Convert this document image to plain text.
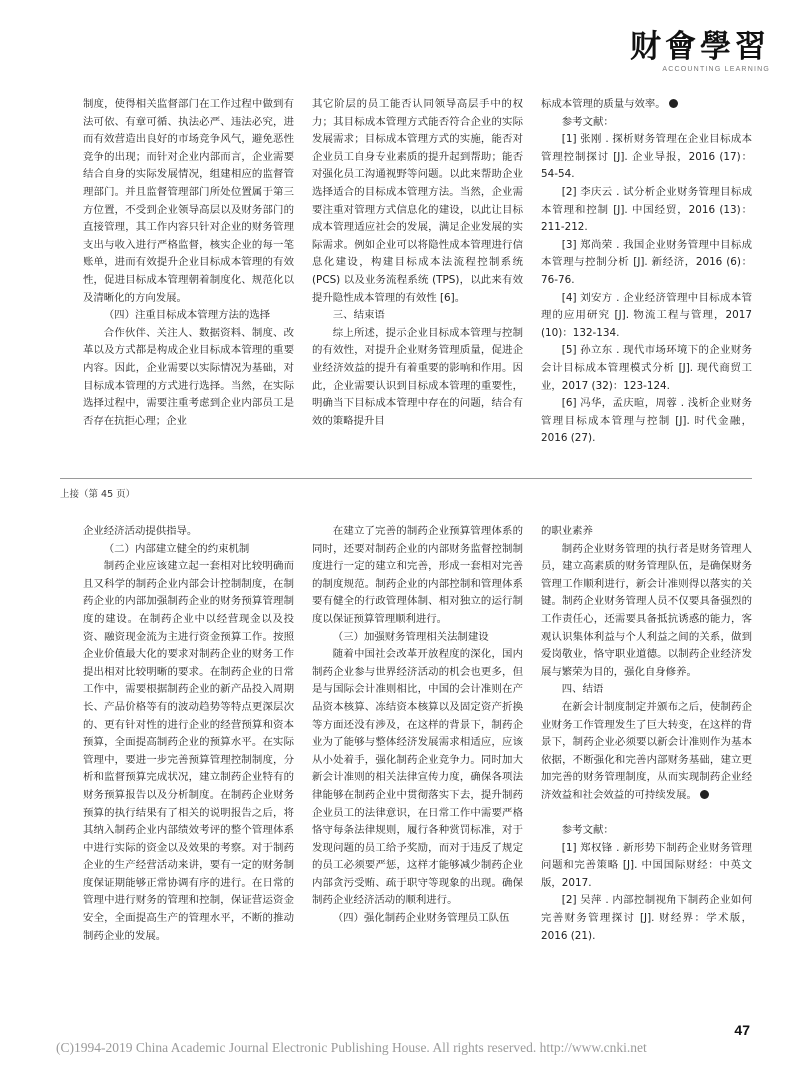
财會學習
ACCOUNTING LEARNING

制度，使得相关监督部门在工作过程中做到有法可依、有章可循、执法必严、违法必究，进而有效营造出良好的市场竞争风气，避免恶性竞争的出现；而针对企业内部而言，企业需要结合自身的实际发展情况，组建相应的监督管理部门。并且监督管理部门所处位置属于第三方位置，不受到企业领导高层以及财务部门的直接管理，其工作内容只针对企业的财务管理支出与收入进行严格监督，核实企业的每一笔账单，进而有效提升企业目标成本管理的有效性，促进目标成本管理朝着制度化、规范化以及清晰化的方向发展。

（四）注重目标成本管理方法的选择

合作伙伴、关注人、数据资料、制度、改革以及方式都是构成企业目标成本管理的重要内容。因此，企业需要以实际情况为基础，对目标成本管理的方式进行选择。当然，在实际选择过程中，需要注重考虑到企业内部员工是否存在抗拒心理；企业

其它阶层的员工能否认同领导高层手中的权力；其目标成本管理方式能否符合企业的实际发展需求；目标成本管理方式的实施，能否对企业员工自身专业素质的提升起到帮助；能否对强化员工沟通视野等问题。以此来帮助企业选择适合的目标成本管理方法。当然，企业需要注重对管理方式信息化的建设，以此让目标成本管理适应社会的发展，满足企业发展的实际需求。例如企业可以将隐性成本管理进行信息化建设，构建目标成本法流程控制系统 (PCS) 以及业务流程系统 (TPS)，以此来有效提升隐性成本管理的有效性 [6]。

三、结束语

综上所述，提示企业目标成本管理与控制的有效性，对提升企业财务管理质量，促进企业经济效益的提升有着重要的影响和作用。因此，企业需要认识到目标成本管理的重要性，明确当下目标成本管理中存在的问题，结合有效的策略提升目

标成本管理的质量与效率。

参考文献：

[1] 张刚 . 探析财务管理在企业目标成本管理控制探讨 [J]. 企业导报，2016 (17)：54-54.

[2] 李庆云 . 试分析企业财务管理目标成本管理和控制 [J]. 中国经贸，2016 (13)：211-212.

[3] 郑尚荣 . 我国企业财务管理中目标成本管理与控制分析 [J]. 新经济，2016 (6)：76-76.

[4] 刘安方 . 企业经济管理中目标成本管理的应用研究 [J]. 物流工程与管理，2017 (10)：132-134.

[5] 孙立东 . 现代市场环境下的企业财务会计目标成本管理模式分析 [J]. 现代商贸工业，2017 (32)：123-124.

[6] 冯华，孟庆暄，周蓉 . 浅析企业财务管理目标成本管理与控制 [J]. 时代金融，2016 (27).

上接（第 45 页）

企业经济活动提供指导。

（二）内部建立健全的约束机制

制药企业应该建立起一套相对比较明确而且又科学的制药企业内部会计控制制度，在制药企业的内部加强制药企业的财务预算管理制度的建设。在制药企业中以经营现金以及投资、融资现金流为主进行资金预算工作。按照企业价值最大化的要求对制药企业的财务工作提出相对比较明晰的要求。在制药企业的日常工作中，需要根据制药企业的新产品投入周期长、产品价格等有的波动趋势等特点更深层次的、更有针对性的进行企业的经营预算和资本预算，全面提高制药企业的预算水平。在实际管理中，要进一步完善预算管理控制制度，分析和监督预算完成状况，建立制药企业特有的财务预算报告以及分析制度。在制药企业财务预算的执行结果有了相关的说明报告之后，将其纳入制药企业内部绩效考评的整个管理体系中进行实际的资金以及效果的考察。对于制药企业的生产经营活动来讲，要有一定的财务制度保证期能够正常协调有序的进行。在日常的管理中进行财务的管理和控制，保证营运资金安全，全面提高生产的管理水平，不断的推动制药企业的发展。

在建立了完善的制药企业预算管理体系的同时，还要对制药企业的内部财务监督控制制度进行一定的建立和完善，形成一套相对完善的制度规范。制药企业的内部控制和管理体系要有健全的行政管理体制、相对独立的运行制度以保证预算管理顺利进行。

（三）加强财务管理相关法制建设

随着中国社会改革开放程度的深化，国内制药企业参与世界经济活动的机会也更多，但是与国际会计准则相比，中国的会计准则在产品资本核算、冻结资本核算以及固定资产折换等方面还没有涉及，在这样的背景下，制药企业为了能够与整体经济发展需求相适应，应该从小处着手，强化制药企业竞争力。同时加大新会计准则的相关法律宣传力度，确保各项法律能够在制药企业中贯彻落实下去，提升制药企业员工的法律意识，在日常工作中需要严格恪守每条法律规则，履行各种赏罚标准，对于发现问题的员工给予奖励，而对于违反了规定的员工必须要严惩，这样才能够减少制药企业内部贪污受贿、疏于职守等现象的出现。确保制药企业经济活动的顺利进行。

（四）强化制药企业财务管理员工队伍

的职业素养

制药企业财务管理的执行者是财务管理人员，建立高素质的财务管理队伍，是确保财务管理工作顺利进行，新会计准则得以落实的关键。制药企业财务管理人员不仅要具备强烈的工作责任心，还需要具备抵抗诱惑的能力，客观认识集体利益与个人利益之间的关系，做到爱岗敬业，恪守职业道德。以制药企业经济发展与繁荣为目的，强化自身修养。

四、结语

在新会计制度制定并颁布之后，使制药企业财务工作管理发生了巨大转变，在这样的背景下，制药企业必须要以新会计准则作为基本依据，不断强化和完善内部财务基础，建立更加完善的财务管理制度，从而实现制药企业经济效益和社会效益的可持续发展。

参考文献：

[1] 郑权锋 . 新形势下制药企业财务管理问题和完善策略 [J]. 中国国际财经：中英文版，2017.

[2] 吴萍 . 内部控制视角下制药企业如何完善财务管理探讨 [J]. 财经界：学术版，2016 (21).

47
(C)1994-2019 China Academic Journal Electronic Publishing House. All rights reserved. http://www.cnki.net
